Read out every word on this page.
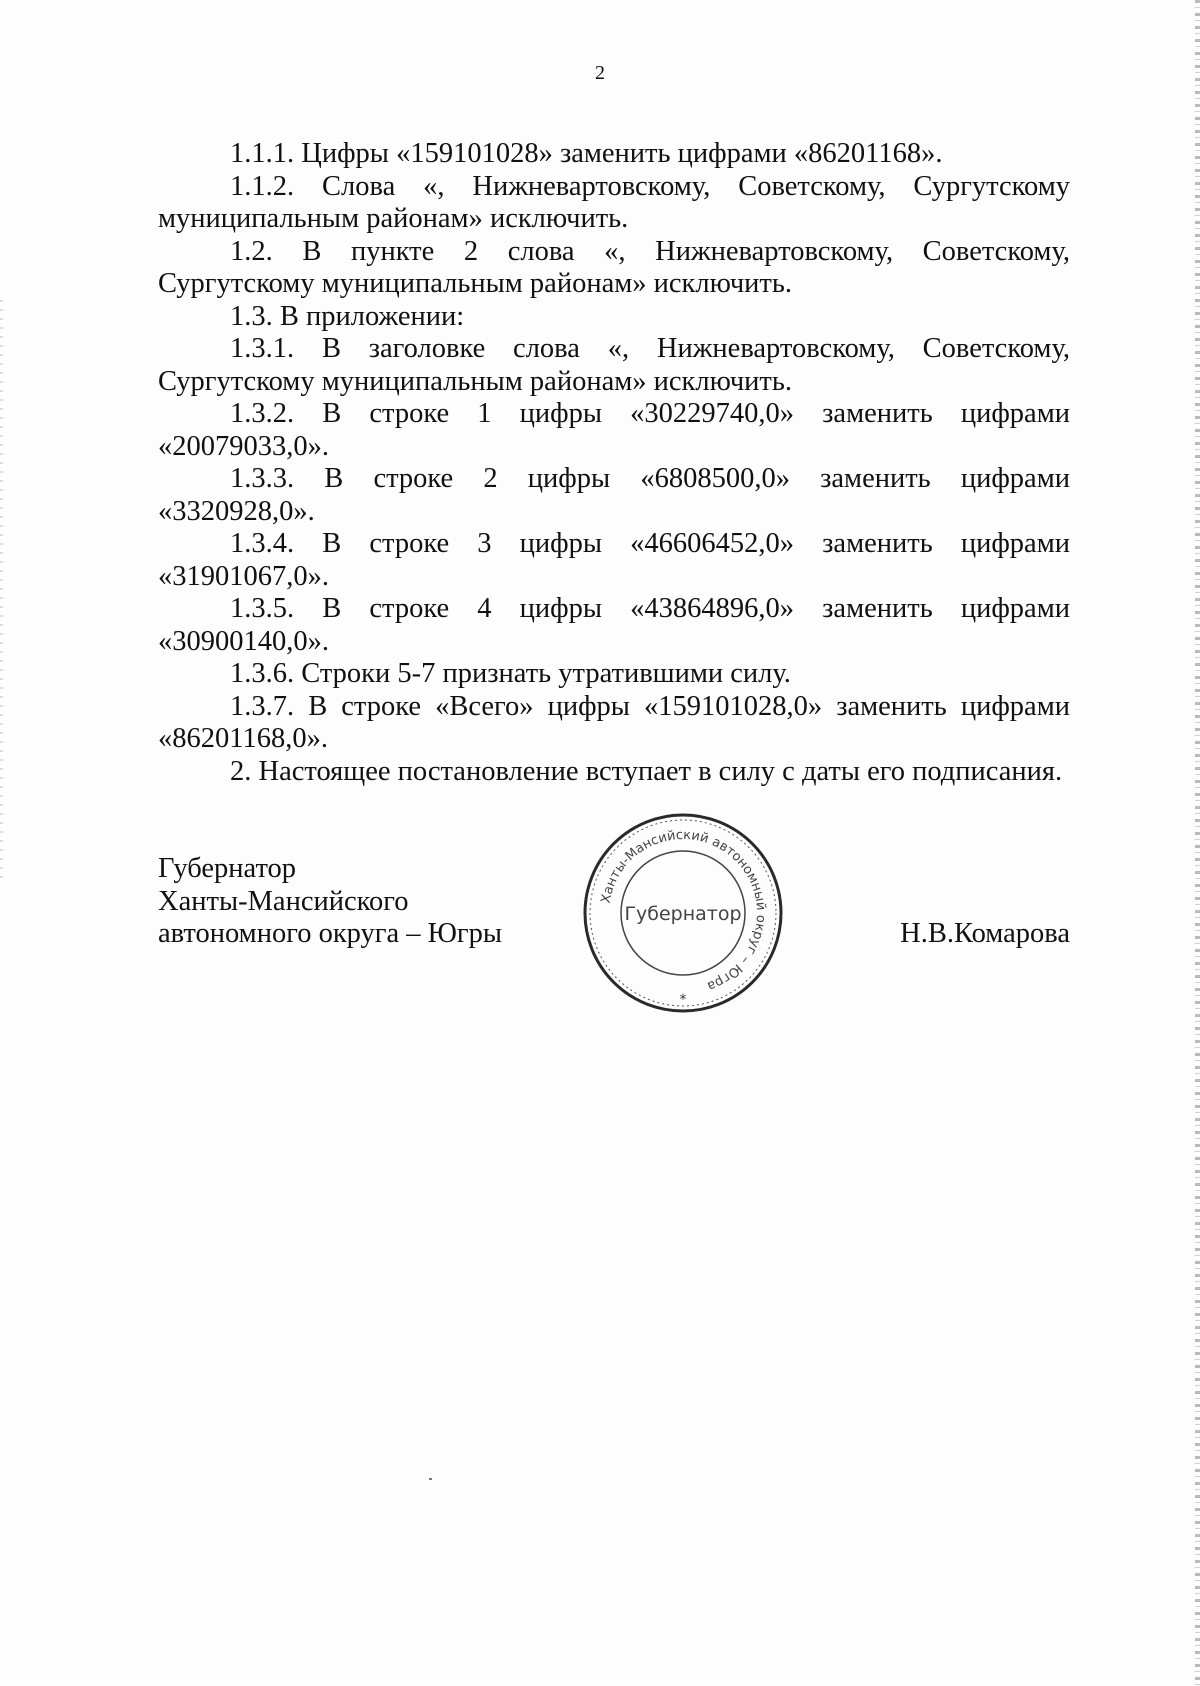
2

1.1.1. Цифры «159101028» заменить цифрами «86201168».

1.1.2. Слова «, Нижневартовскому, Советскому, Сургутскому муниципальным районам» исключить.

1.2. В пункте 2 слова «, Нижневартовскому, Советскому, Сургутскому муниципальным районам» исключить.

1.3. В приложении:

1.3.1. В заголовке слова «, Нижневартовскому, Советскому, Сургутскому муниципальным районам» исключить.

1.3.2. В строке 1 цифры «30229740,0» заменить цифрами «20079033,0».

1.3.3. В строке 2 цифры «6808500,0» заменить цифрами «3320928,0».

1.3.4. В строке 3 цифры «46606452,0» заменить цифрами «31901067,0».

1.3.5. В строке 4 цифры «43864896,0» заменить цифрами «30900140,0».

1.3.6. Строки 5-7 признать утратившими силу.

1.3.7. В строке «Всего» цифры «159101028,0» заменить цифрами «86201168,0».

2. Настоящее постановление вступает в силу с даты его подписания.

Губернатор
Ханты-Мансийского
автономного округа – Югры
Ханты-Мансийский автономный округ – Югра
Губернатор
*
Н.В.Комарова
